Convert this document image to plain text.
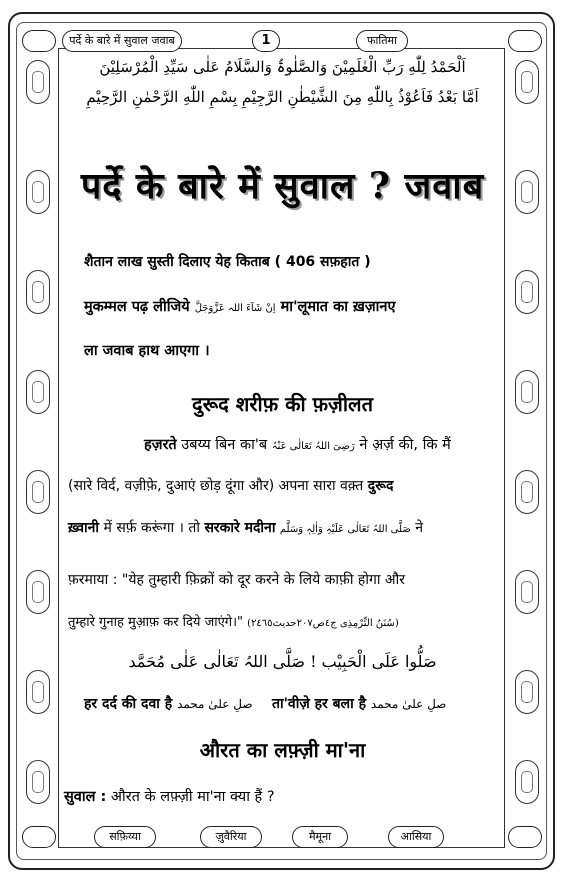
पर्दे के बारे में सुवाल जवाब	1	फातिमा
اَلْحَمْدُ لِلّٰهِ رَبِّ الْعٰلَمِیْنَ وَالصَّلٰوۃُ وَالسَّلَامُ عَلٰی سَیِّدِ الْمُرْسَلِیْنَ
اَمَّا بَعْدُ فَاَعُوْذُ بِاللّٰهِ مِنَ الشَّیْطٰنِ الرَّجِیْمِ بِسْمِ اللّٰهِ الرَّحْمٰنِ الرَّحِیْمِ
पर्दे के बारे में सुवाल ? जवाब
शैतान लाख सुस्ती दिलाए येह किताब ( 406 सफ़हात )
मुकम्मल पढ़ लीजिये اِنْ شَآءَ اللہ عَزَّوَجَلَّ मा'लूमात का ख़ज़ानए
ला जवाब हाथ आएगा ।
दुरूद शरीफ़ की फ़ज़ीलत
हज़रते उबय्य बिन का'ब رَضِیَ اللہُ تَعَالٰی عَنْہُ ने अ़र्ज़ की, कि मैं
(सारे विर्द, वज़ीफ़े, दुआएं छोड़ दूंगा और) अपना सारा वक़्त दुरूद
ख़्वानी में सर्फ़ करूंगा । तो सरकारे मदीना صَلَّی اللہُ تَعَالٰی عَلَیْہِ وَاٰلِہٖ وَسَلَّم ने
फ़रमाया : "येह तुम्हारी फ़िक्रों को दूर करने के लिये काफ़ी होगा और
तुम्हारे गुनाह मुआ़फ़ कर दिये जाएंगे।" (سُنَنُ التِّرْمِذِی ج٤ص٢٠٧حدیث٢٤٦٥)
صَلُّوا عَلَی الْحَبِیْب ! صَلَّی اللہُ تَعَالٰی عَلٰی مُحَمَّد
हर दर्द की दवा है صلِ علیٰ محمد ता'वीज़े हर बला है صلِ علیٰ محمد
औरत का लफ़्ज़ी मा'ना
सुवाल : औरत के लफ़्ज़ी मा'ना क्या हैं ?
सफ़िय्या	ज़ुवैरिया	मैमूना	आसिया
